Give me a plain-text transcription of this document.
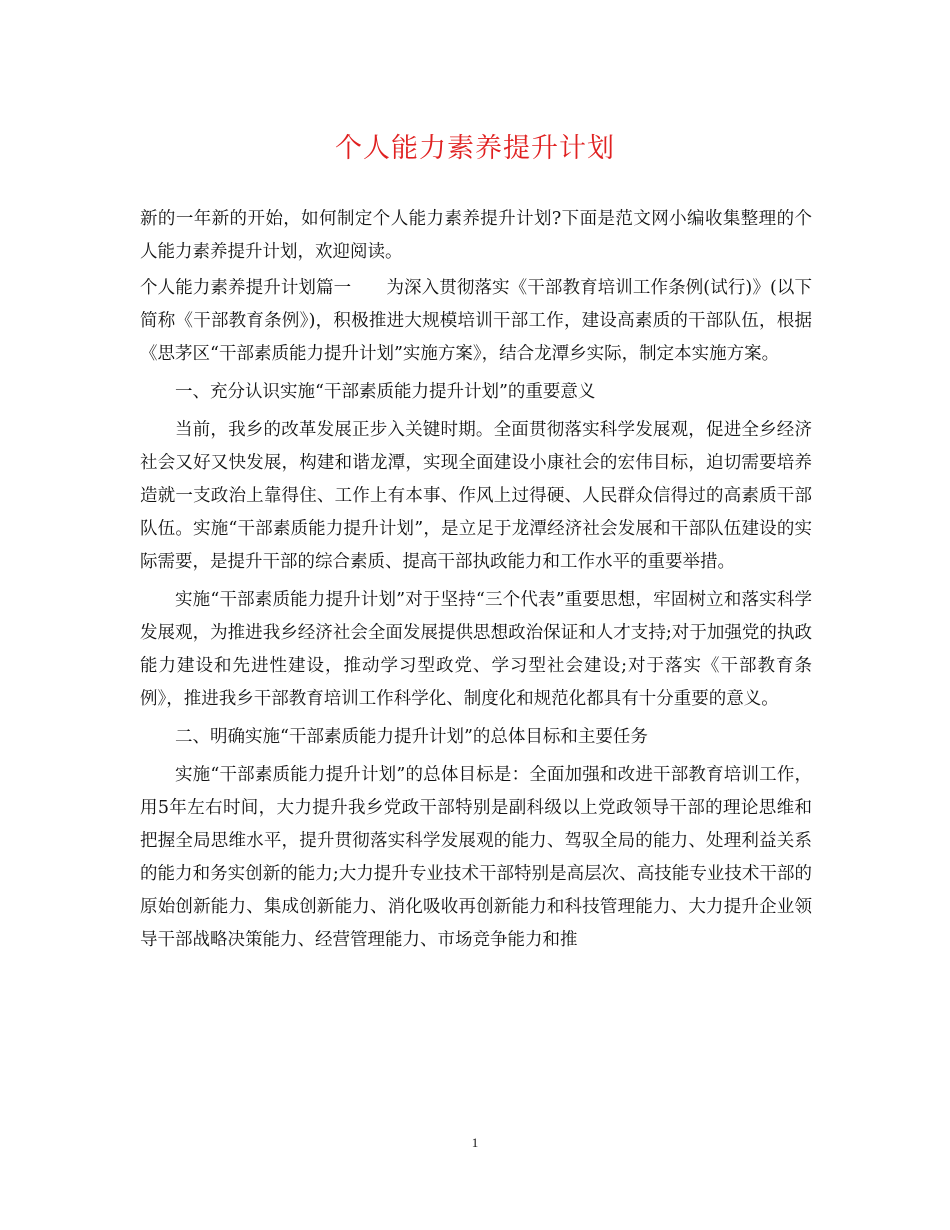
个人能力素养提升计划

新的一年新的开始，如何制定个人能力素养提升计划?下面是范文网小编收集整理的个人能力素养提升计划，欢迎阅读。

个人能力素养提升计划篇一　　为深入贯彻落实《干部教育培训工作条例(试行)》(以下简称《干部教育条例》)，积极推进大规模培训干部工作，建设高素质的干部队伍，根据《思茅区“干部素质能力提升计划”实施方案》，结合龙潭乡实际，制定本实施方案。

一、充分认识实施“干部素质能力提升计划”的重要意义

当前，我乡的改革发展正步入关键时期。全面贯彻落实科学发展观，促进全乡经济社会又好又快发展，构建和谐龙潭，实现全面建设小康社会的宏伟目标，迫切需要培养造就一支政治上靠得住、工作上有本事、作风上过得硬、人民群众信得过的高素质干部队伍。实施“干部素质能力提升计划”，是立足于龙潭经济社会发展和干部队伍建设的实际需要，是提升干部的综合素质、提高干部执政能力和工作水平的重要举措。

实施“干部素质能力提升计划”对于坚持“三个代表”重要思想，牢固树立和落实科学发展观，为推进我乡经济社会全面发展提供思想政治保证和人才支持;对于加强党的执政能力建设和先进性建设，推动学习型政党、学习型社会建设;对于落实《干部教育条例》，推进我乡干部教育培训工作科学化、制度化和规范化都具有十分重要的意义。

二、明确实施“干部素质能力提升计划”的总体目标和主要任务

实施“干部素质能力提升计划”的总体目标是：全面加强和改进干部教育培训工作，用5年左右时间，大力提升我乡党政干部特别是副科级以上党政领导干部的理论思维和把握全局思维水平，提升贯彻落实科学发展观的能力、驾驭全局的能力、处理利益关系的能力和务实创新的能力;大力提升专业技术干部特别是高层次、高技能专业技术干部的原始创新能力、集成创新能力、消化吸收再创新能力和科技管理能力、大力提升企业领导干部战略决策能力、经营管理能力、市场竞争能力和推

1
